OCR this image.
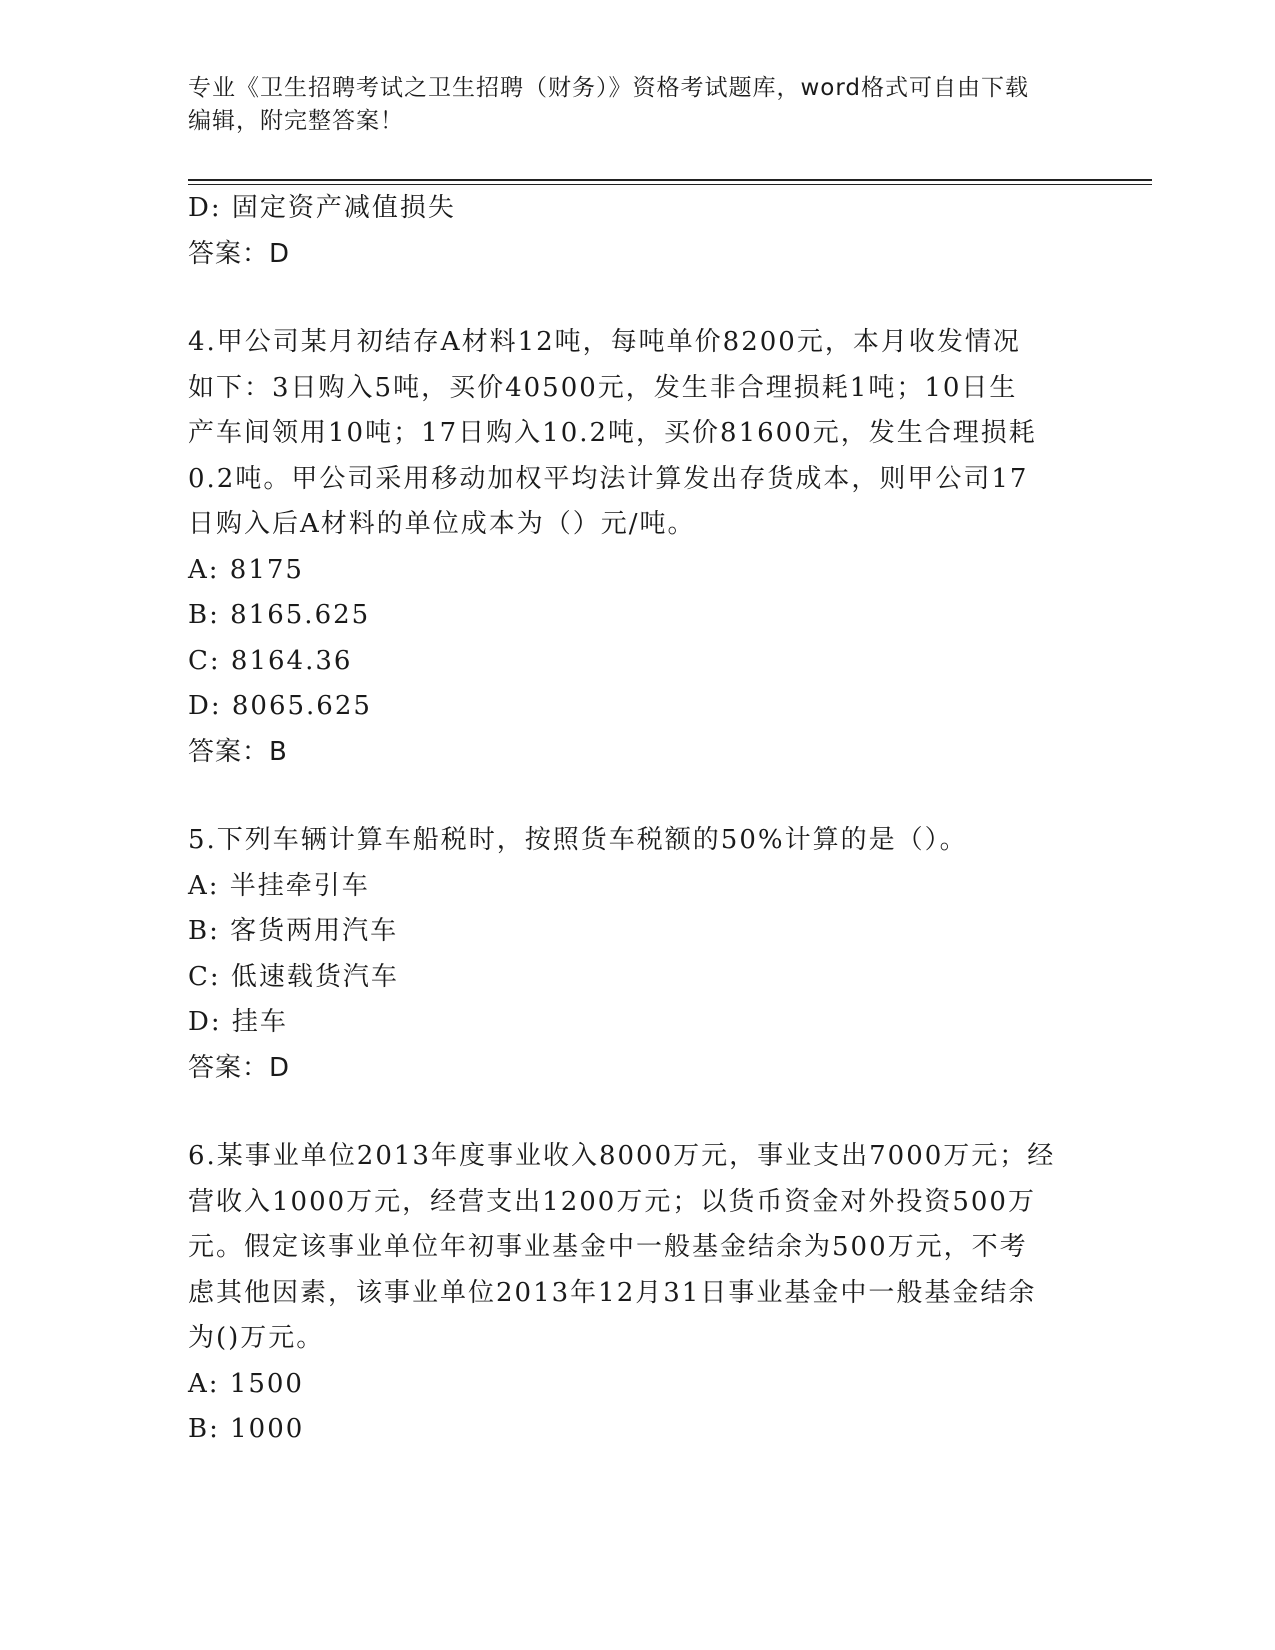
专业《卫生招聘考试之卫生招聘（财务）》资格考试题库，word格式可自由下载
编辑，附完整答案！
D: 固定资产减值损失
答案：D
4.甲公司某月初结存A材料12吨，每吨单价8200元，本月收发情况
如下：3日购入5吨，买价40500元，发生非合理损耗1吨；10日生
产车间领用10吨；17日购入10.2吨，买价81600元，发生合理损耗
0.2吨。甲公司采用移动加权平均法计算发出存货成本，则甲公司17
日购入后A材料的单位成本为（）元/吨。
A: 8175
B: 8165.625
C: 8164.36
D: 8065.625
答案：B
5.下列车辆计算车船税时，按照货车税额的50%计算的是（）。
A: 半挂牵引车
B: 客货两用汽车
C: 低速载货汽车
D: 挂车
答案：D
6.某事业单位2013年度事业收入8000万元，事业支出7000万元；经
营收入1000万元，经营支出1200万元；以货币资金对外投资500万
元。假定该事业单位年初事业基金中一般基金结余为500万元，不考
虑其他因素，该事业单位2013年12月31日事业基金中一般基金结余
为()万元。
A: 1500
B: 1000
